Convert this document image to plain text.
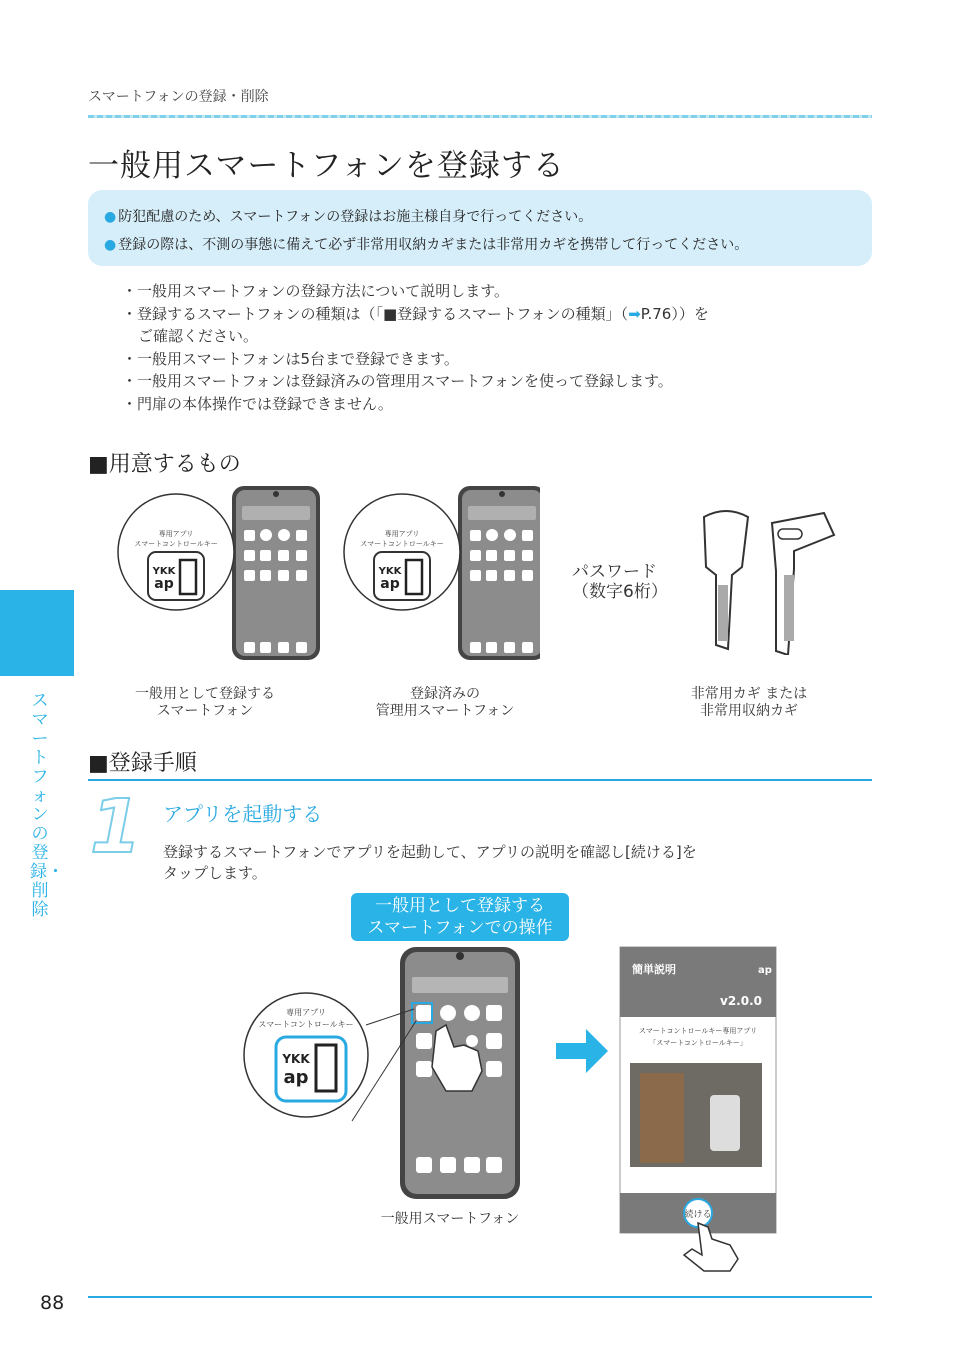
スマートフォンの登録・削除
一般用スマートフォンを登録する
● 防犯配慮のため、スマートフォンの登録はお施主様自身で行ってください。
● 登録の際は、不測の事態に備えて必ず非常用収納カギまたは非常用カギを携帯して行ってください。
・一般用スマートフォンの登録方法について説明します。
・登録するスマートフォンの種類は（「■登録するスマートフォンの種類」（➡P.76））を
ご確認ください。
・一般用スマートフォンは5台まで登録できます。
・一般用スマートフォンは登録済みの管理用スマートフォンを使って登録します。
・門扉の本体操作では登録できません。
■用意するもの
専用アプリ
スマートコントロールキー
YKK
ap
専用アプリ
スマートコントロールキー
YKK
ap
パスワード
（数字6桁）
一般用として登録する
スマートフォン
登録済みの
管理用スマートフォン
非常用カギ または
非常用収納カギ
■登録手順
1 アプリを起動する
登録するスマートフォンでアプリを起動して、アプリの説明を確認し[続ける]を
タップします。
一般用として登録する
スマートフォンでの操作
専用アプリ
スマートコントロールキー
YKK
ap
簡単説明	ap
v2.0.0
スマートコントロールキー専用アプリ
「スマートコントロールキー」
続ける
一般用スマートフォン
スマートフォンの登録・削除
88
